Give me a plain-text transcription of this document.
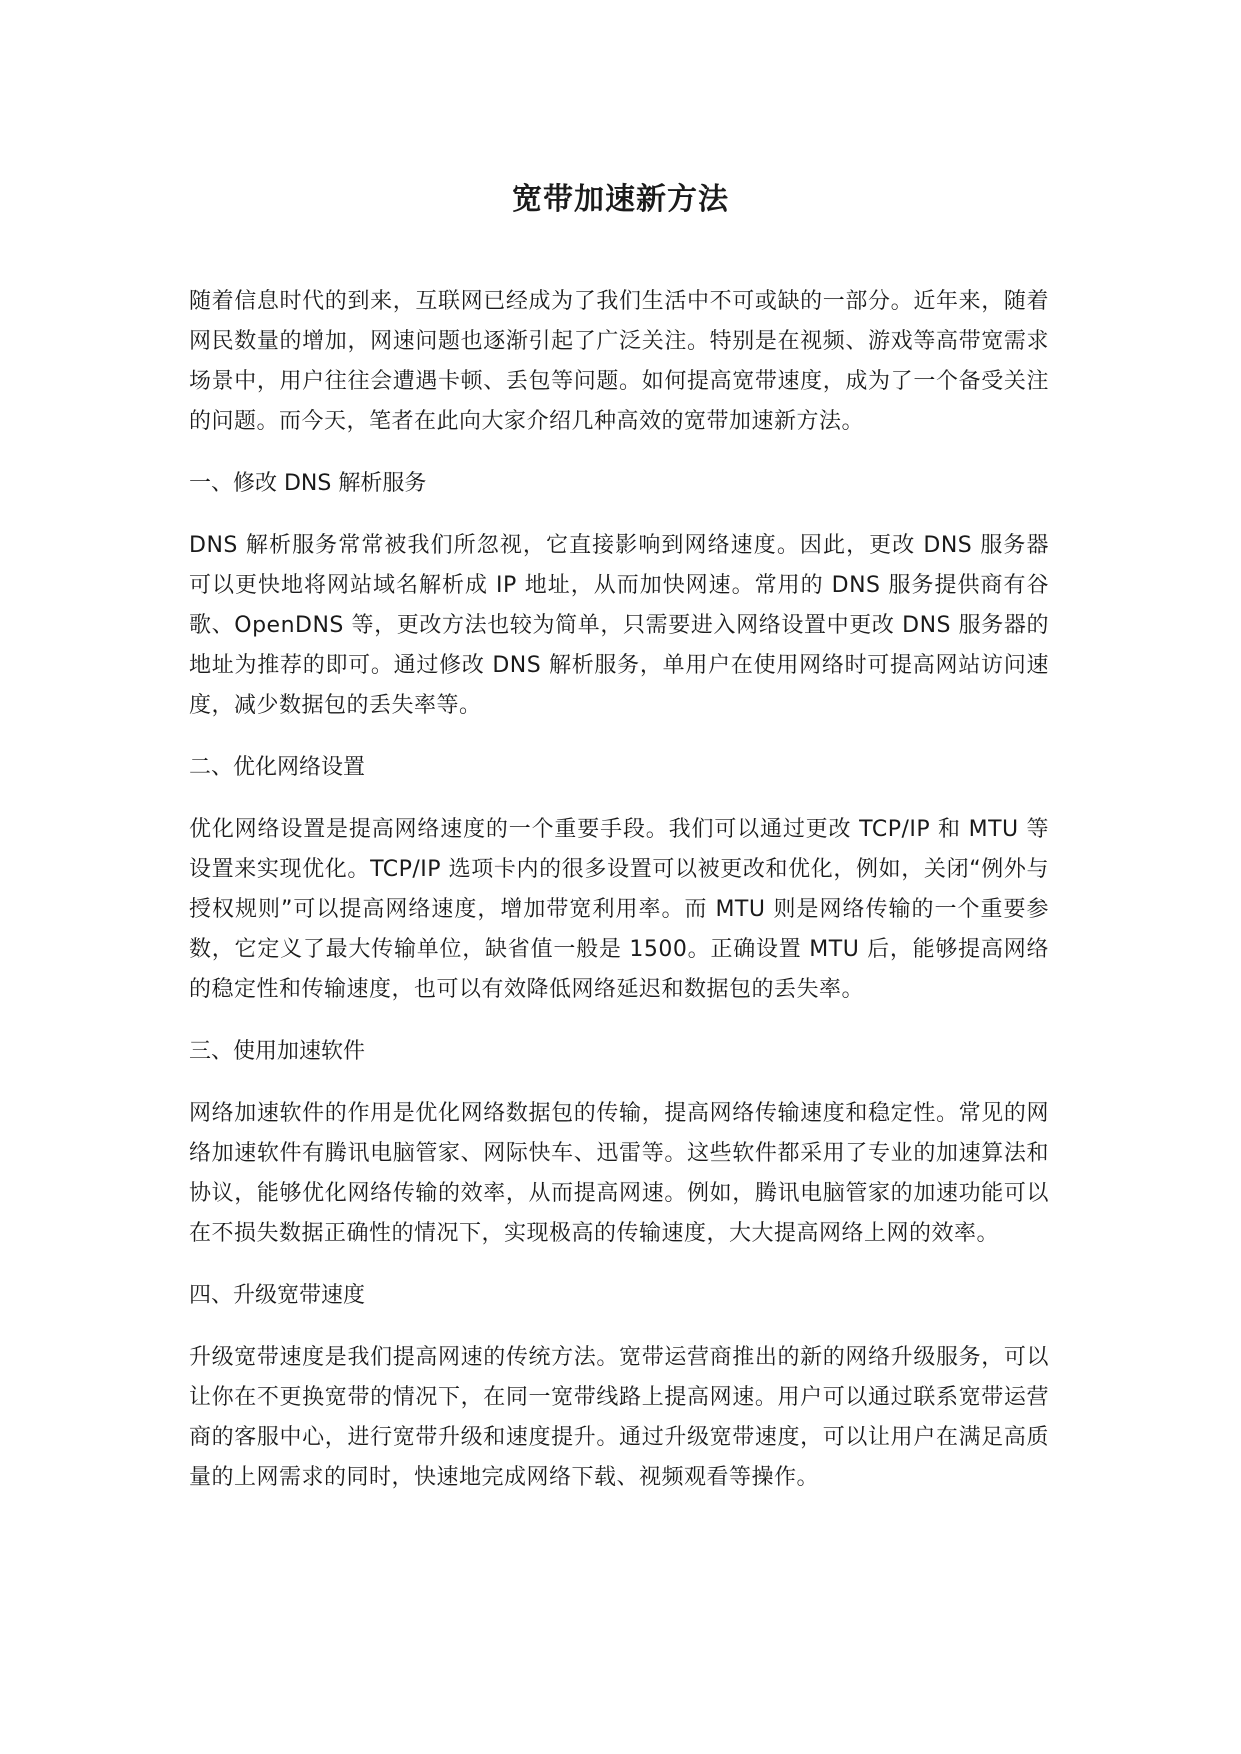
宽带加速新方法

随着信息时代的到来，互联网已经成为了我们生活中不可或缺的一部分。近年来，随着网民数量的增加，网速问题也逐渐引起了广泛关注。特别是在视频、游戏等高带宽需求场景中，用户往往会遭遇卡顿、丢包等问题。如何提高宽带速度，成为了一个备受关注的问题。而今天，笔者在此向大家介绍几种高效的宽带加速新方法。

一、修改 DNS 解析服务

DNS 解析服务常常被我们所忽视，它直接影响到网络速度。因此，更改 DNS 服务器可以更快地将网站域名解析成 IP 地址，从而加快网速。常用的 DNS 服务提供商有谷歌、OpenDNS 等，更改方法也较为简单，只需要进入网络设置中更改 DNS 服务器的地址为推荐的即可。通过修改 DNS 解析服务，单用户在使用网络时可提高网站访问速度，减少数据包的丢失率等。

二、优化网络设置

优化网络设置是提高网络速度的一个重要手段。我们可以通过更改 TCP/IP 和 MTU 等设置来实现优化。TCP/IP 选项卡内的很多设置可以被更改和优化，例如，关闭“例外与授权规则”可以提高网络速度，增加带宽利用率。而 MTU 则是网络传输的一个重要参数，它定义了最大传输单位，缺省值一般是 1500。正确设置 MTU 后，能够提高网络的稳定性和传输速度，也可以有效降低网络延迟和数据包的丢失率。

三、使用加速软件

网络加速软件的作用是优化网络数据包的传输，提高网络传输速度和稳定性。常见的网络加速软件有腾讯电脑管家、网际快车、迅雷等。这些软件都采用了专业的加速算法和协议，能够优化网络传输的效率，从而提高网速。例如，腾讯电脑管家的加速功能可以在不损失数据正确性的情况下，实现极高的传输速度，大大提高网络上网的效率。

四、升级宽带速度

升级宽带速度是我们提高网速的传统方法。宽带运营商推出的新的网络升级服务，可以让你在不更换宽带的情况下，在同一宽带线路上提高网速。用户可以通过联系宽带运营商的客服中心，进行宽带升级和速度提升。通过升级宽带速度，可以让用户在满足高质量的上网需求的同时，快速地完成网络下载、视频观看等操作。
